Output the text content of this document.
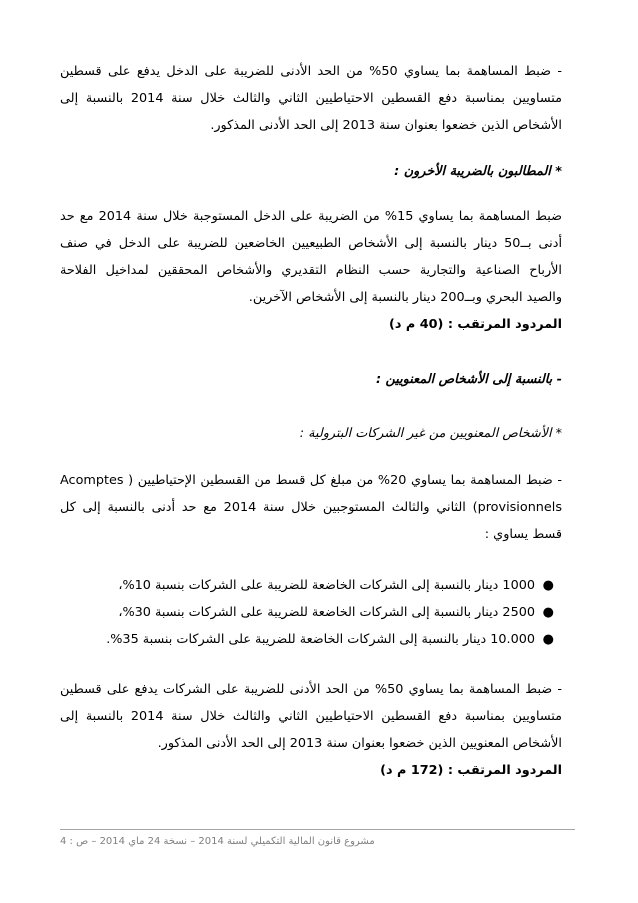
- ضبط المساهمة بما يساوي 50% من الحد الأدنى للضريبة على الدخل يدفع على قسطين
متساويين بمناسبة دفع القسطين الاحتياطيين الثاني والثالث خلال سنة 2014 بالنسبة إلى
الأشخاص الذين خضعوا بعنوان سنة 2013 إلى الحد الأدنى المذكور.
* المطالبون بالضريبة الأخرون :
ضبط المساهمة بما يساوي 15% من الضريبة على الدخل المستوجبة خلال سنة 2014 مع حد
أدنى بــ50 دينار بالنسبة إلى الأشخاص الطبيعيين الخاضعين للضريبة على الدخل في صنف
الأرباح الصناعية والتجارية حسب النظام التقديري والأشخاص المحققين لمداخيل الفلاحة
والصيد البحري وبــ200 دينار بالنسبة إلى الأشخاص الآخرين.
المردود المرتقب : (40 م د)
- بالنسبة إلى الأشخاص المعنويين :
* الأشخاص المعنويين من غير الشركات البترولية :
- ضبط المساهمة بما يساوي 20% من مبلغ كل قسط من القسطين الإحتياطيين ( Acomptes
provisionnels) الثاني والثالث المستوجبين خلال سنة 2014 مع حد أدنى بالنسبة إلى كل
قسط يساوي :
●
1000 دينار بالنسبة إلى الشركات الخاضعة للضريبة على الشركات بنسبة 10%،
●
2500 دينار بالنسبة إلى الشركات الخاضعة للضريبة على الشركات بنسبة 30%،
●
10.000 دينار بالنسبة إلى الشركات الخاضعة للضريبة على الشركات بنسبة 35%.
- ضبط المساهمة بما يساوي 50% من الحد الأدنى للضريبة على الشركات يدفع على قسطين
متساويين بمناسبة دفع القسطين الاحتياطيين الثاني والثالث خلال سنة 2014 بالنسبة إلى
الأشخاص المعنويين الذين خضعوا بعنوان سنة 2013 إلى الحد الأدنى المذكور.
المردود المرتقب : (172 م د)
مشروع قانون المالية التكميلي لسنة 2014 – نسخة 24 ماي 2014 – ص : 4
